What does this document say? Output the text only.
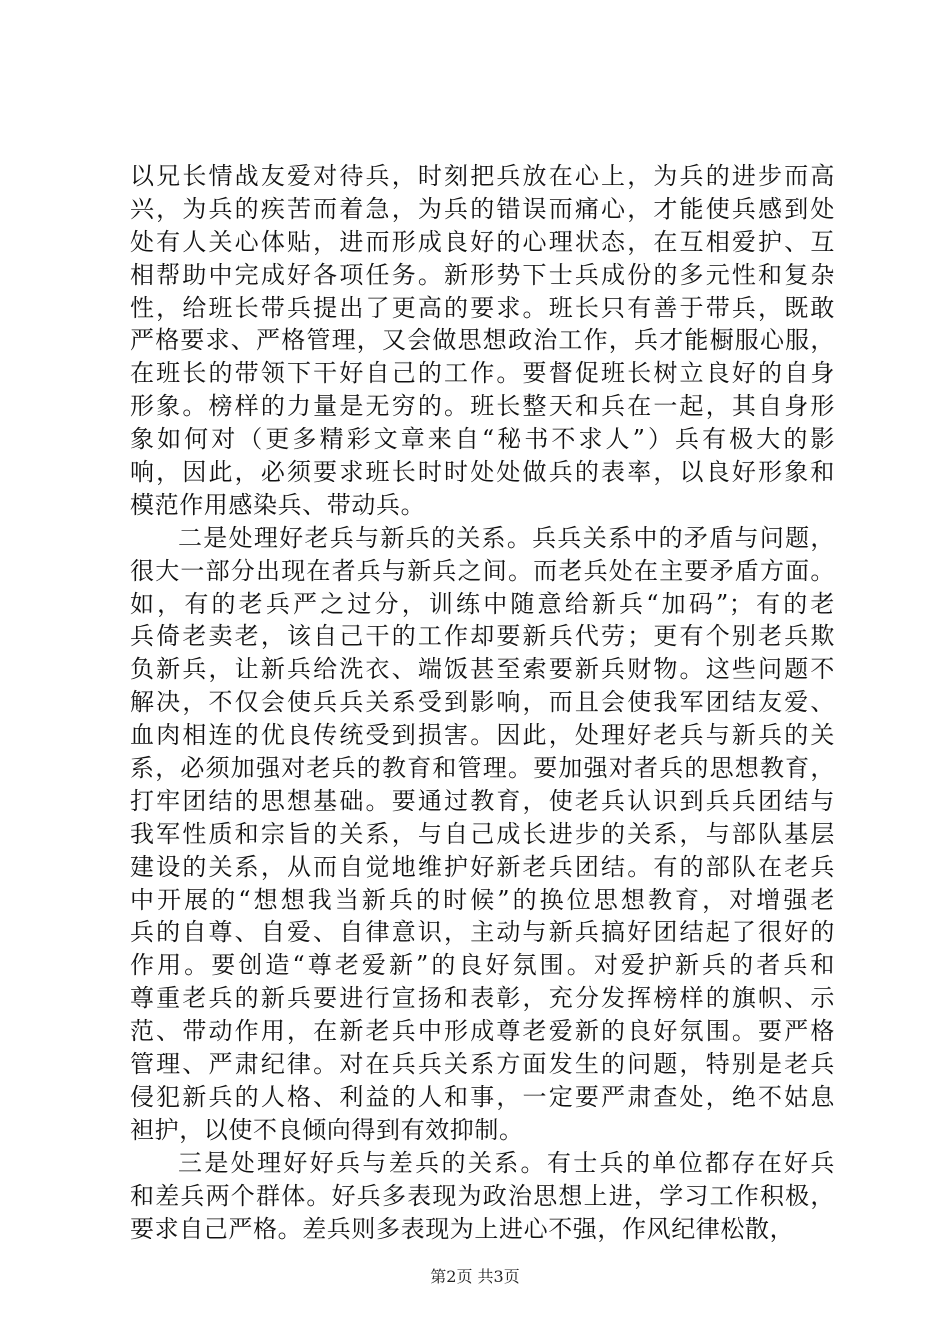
以兄长情战友爱对待兵，时刻把兵放在心上，为兵的进步而高
兴，为兵的疾苦而着急，为兵的错误而痛心，才能使兵感到处
处有人关心体贴，进而形成良好的心理状态，在互相爱护、互
相帮助中完成好各项任务。新形势下士兵成份的多元性和复杂
性，给班长带兵提出了更高的要求。班长只有善于带兵，既敢
严格要求、严格管理，又会做思想政治工作，兵才能橱服心服，
在班长的带领下干好自己的工作。要督促班长树立良好的自身
形象。榜样的力量是无穷的。班长整天和兵在一起，其自身形
象如何对（更多精彩文章来自“秘书不求人”）兵有极大的影
响，因此，必须要求班长时时处处做兵的表率，以良好形象和
模范作用感染兵、带动兵。
二是处理好老兵与新兵的关系。兵兵关系中的矛盾与问题，
很大一部分出现在者兵与新兵之间。而老兵处在主要矛盾方面。
如，有的老兵严之过分，训练中随意给新兵“加码”；有的老
兵倚老卖老，该自己干的工作却要新兵代劳；更有个别老兵欺
负新兵，让新兵给洗衣、端饭甚至索要新兵财物。这些问题不
解决，不仅会使兵兵关系受到影响，而且会使我军团结友爱、
血肉相连的优良传统受到损害。因此，处理好老兵与新兵的关
系，必须加强对老兵的教育和管理。要加强对者兵的思想教育，
打牢团结的思想基础。要通过教育，使老兵认识到兵兵团结与
我军性质和宗旨的关系，与自己成长进步的关系，与部队基层
建设的关系，从而自觉地维护好新老兵团结。有的部队在老兵
中开展的“想想我当新兵的时候”的换位思想教育，对增强老
兵的自尊、自爱、自律意识，主动与新兵搞好团结起了很好的
作用。要创造“尊老爱新”的良好氛围。对爱护新兵的者兵和
尊重老兵的新兵要进行宣扬和表彰，充分发挥榜样的旗帜、示
范、带动作用，在新老兵中形成尊老爱新的良好氛围。要严格
管理、严肃纪律。对在兵兵关系方面发生的问题，特别是老兵
侵犯新兵的人格、利益的人和事，一定要严肃查处，绝不姑息
袒护，以使不良倾向得到有效抑制。
三是处理好好兵与差兵的关系。有士兵的单位都存在好兵
和差兵两个群体。好兵多表现为政治思想上进，学习工作积极，
要求自己严格。差兵则多表现为上进心不强，作风纪律松散，
第2页 共3页
